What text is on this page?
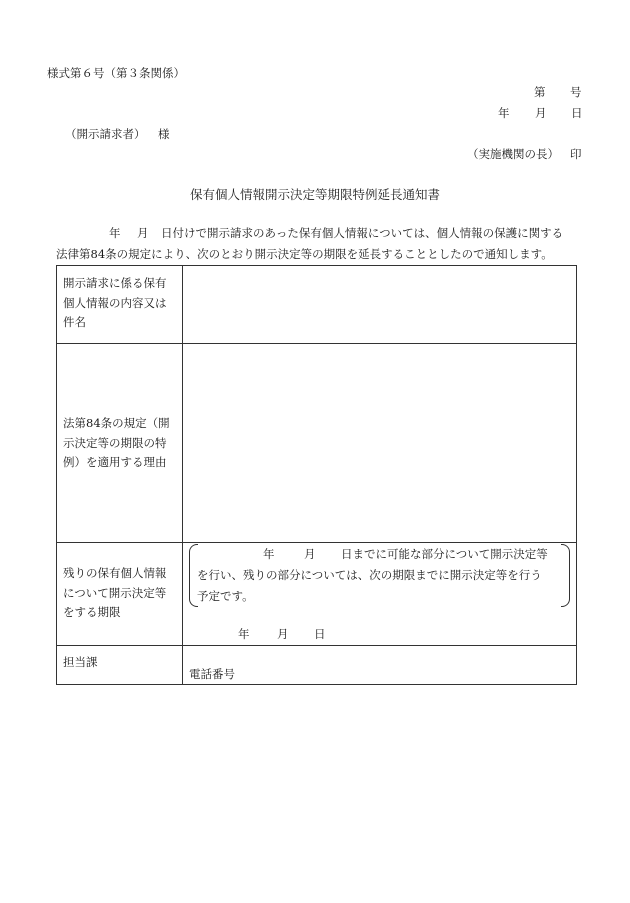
様式第６号（第３条関係）
第 号
年 月 日
（開示請求者） 様
（実施機関の長） 印
保有個人情報開示決定等期限特例延長通知書
年 月 日付けで開示請求のあった保有個人情報については、個人情報の保護に関する
法律第84条の規定により、次のとおり開示決定等の期限を延長することとしたので通知します。
開示請求に係る保有
個人情報の内容又は
件名
法第84条の規定（開
示決定等の期限の特
例）を適用する理由
残りの保有個人情報
について開示決定等
をする期限
年	月 日までに可能な部分について開示決定等
を行い、残りの部分については、次の期限までに開示決定等を行う
予定です。
年 月 日
担当課
電話番号
